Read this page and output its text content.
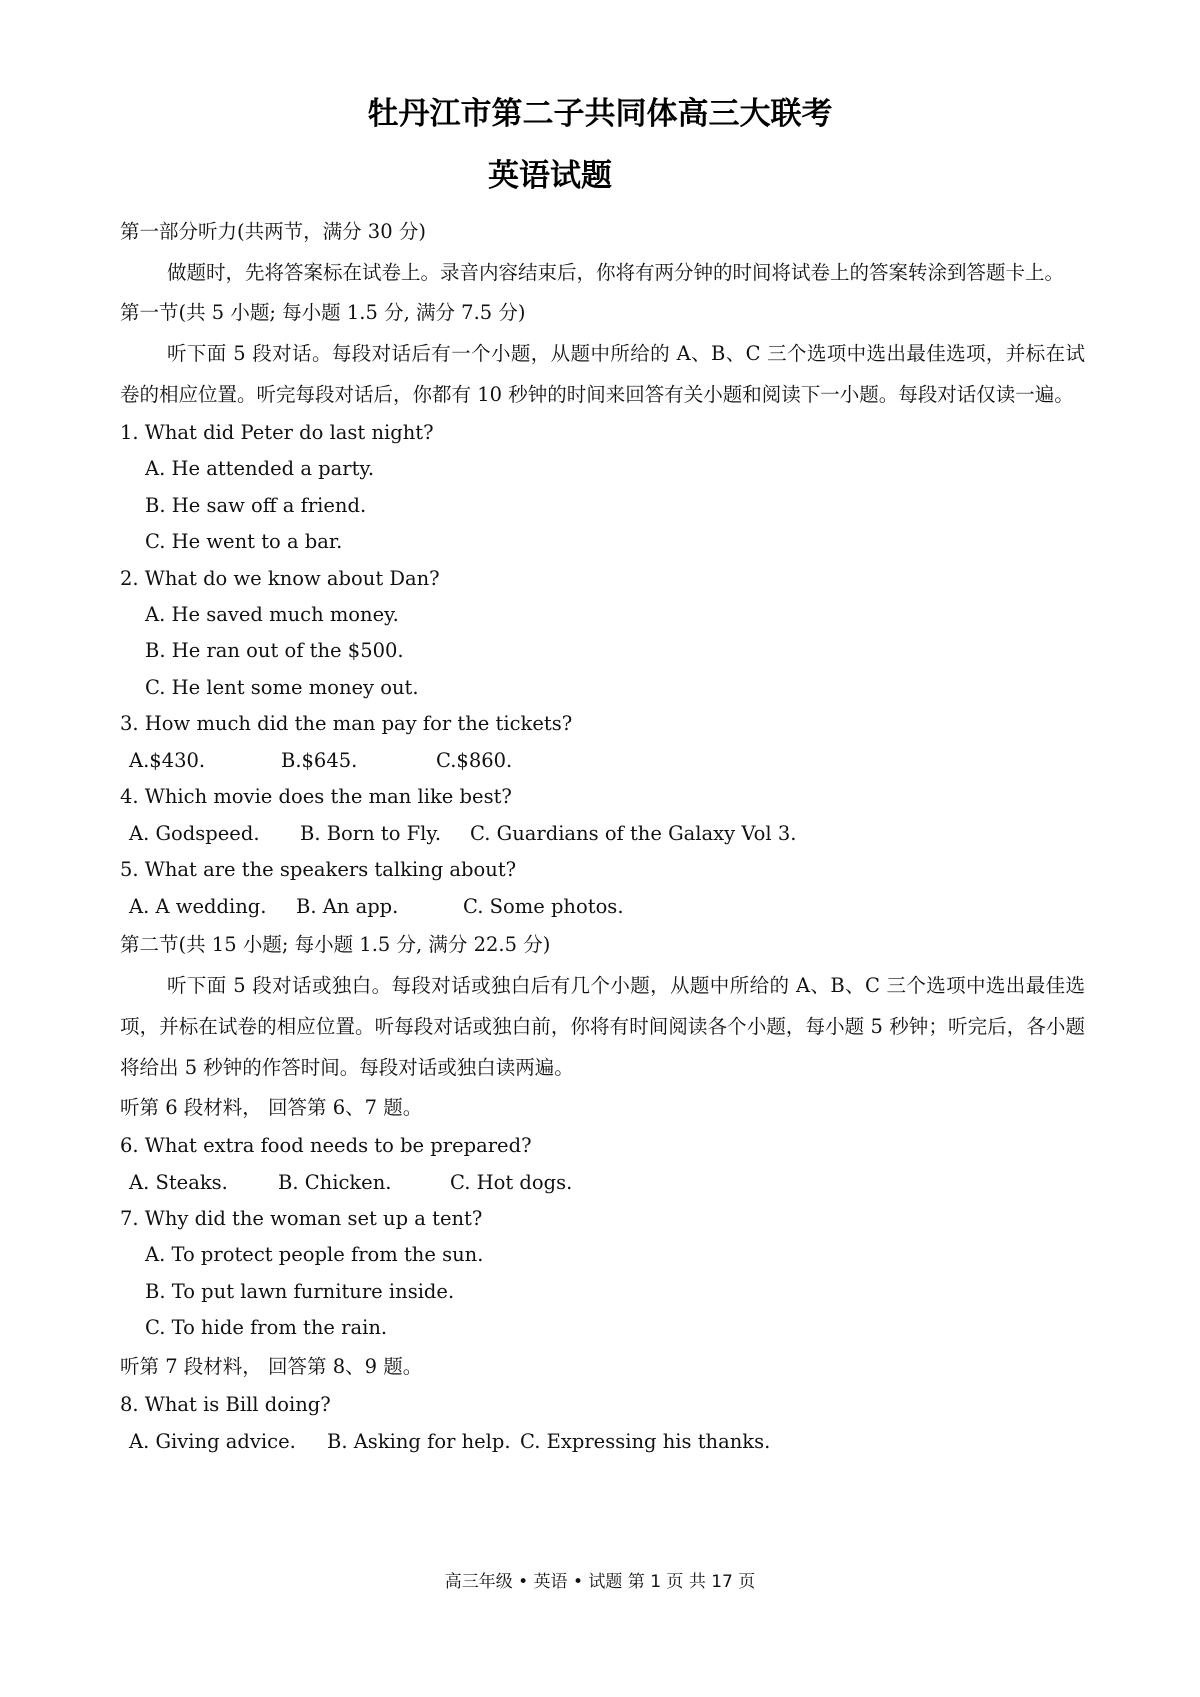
牡丹江市第二子共同体高三大联考
英语试题

第一部分听力(共两节，满分 30 分)

做题时，先将答案标在试卷上。录音内容结束后，你将有两分钟的时间将试卷上的答案转涂到答题卡上。

第一节(共 5 小题; 每小题 1.5 分, 满分 7.5 分)

听下面 5 段对话。每段对话后有一个小题，从题中所给的 A、B、C 三个选项中选出最佳选项，并标在试卷的相应位置。听完每段对话后，你都有 10 秒钟的时间来回答有关小题和阅读下一小题。每段对话仅读一遍。

1. What did Peter do last night?

A. He attended a party.

B. He saw off a friend.

C. He went to a bar.

2. What do we know about Dan?

A. He saved much money.

B. He ran out of the $500.

C. He lent some money out.

3. How much did the man pay for the tickets?

A.$430.	B.$645.	C.$860.

4. Which movie does the man like best?

A. Godspeed. B. Born to Fly. C. Guardians of the Galaxy Vol 3.

5. What are the speakers talking about?

A. A wedding. B. An app.	C. Some photos.

第二节(共 15 小题; 每小题 1.5 分, 满分 22.5 分)

听下面 5 段对话或独白。每段对话或独白后有几个小题，从题中所给的 A、B、C 三个选项中选出最佳选项，并标在试卷的相应位置。听每段对话或独白前，你将有时间阅读各个小题，每小题 5 秒钟；听完后，各小题将给出 5 秒钟的作答时间。每段对话或独白读两遍。

听第 6 段材料， 回答第 6、7 题。

6. What extra food needs to be prepared?

A. Steaks.	B. Chicken.	C. Hot dogs.

7. Why did the woman set up a tent?

A. To protect people from the sun.

B. To put lawn furniture inside.

C. To hide from the rain.

听第 7 段材料， 回答第 8、9 题。

8. What is Bill doing?

A. Giving advice. B. Asking for help. C. Expressing his thanks.

高三年级 • 英语 • 试题 第 1 页 共 17 页
